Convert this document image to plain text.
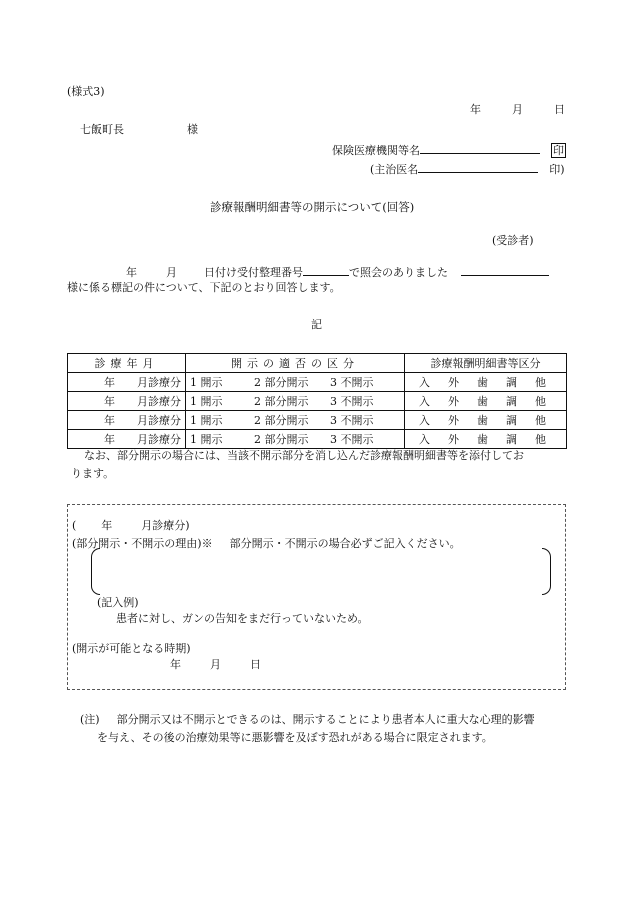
(様式3)
年	月	日
七飯町長	様
保険医療機関等名	印
(主治医名	印)
診療報酬明細書等の開示について(回答)
(受診者)
年	月 日付け受付整理番号	で照会のありました
様に係る標記の件について、下記のとおり回答します。
記
診療年月	開示の適否の区分	診療報酬明細書等区分
年 月診療分	1 開示 2 部分開示 3 不開示	入 外 歯 調 他
年 月診療分	1 開示 2 部分開示 3 不開示	入 外 歯 調 他
年 月診療分	1 開示 2 部分開示 3 不開示	入 外 歯 調 他
年 月診療分	1 開示 2 部分開示 3 不開示	入 外 歯 調 他
なお、部分開示の場合には、当該不開示部分を消し込んだ診療報酬明細書等を添付してお
ります。
( 年	月診療分)
(部分開示・不開示の理由)※ 部分開示・不開示の場合必ずご記入ください。
(記入例)
患者に対し、ガンの告知をまだ行っていないため。
(開示が可能となる時期)
年	月	日
(注) 部分開示又は不開示とできるのは、開示することにより患者本人に重大な心理的影響
を与え、その後の治療効果等に悪影響を及ぼす恐れがある場合に限定されます。
